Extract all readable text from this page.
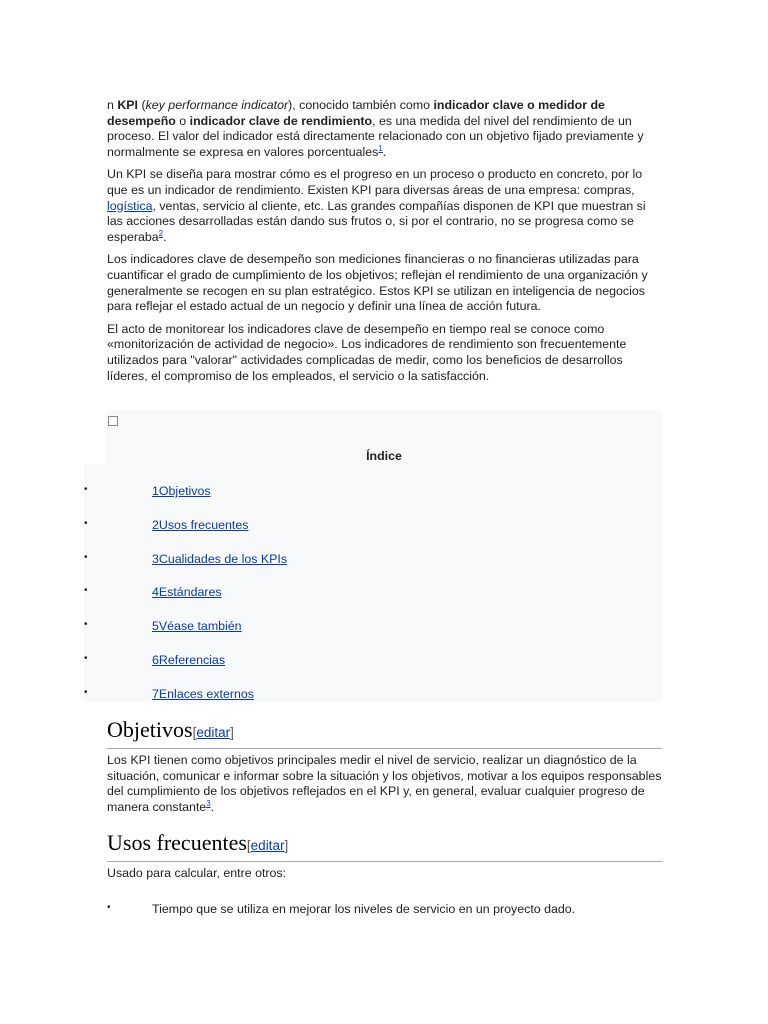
n KPI (key performance indicator), conocido también como indicador clave o medidor de desempeño o indicador clave de rendimiento, es una medida del nivel del rendimiento de un proceso. El valor del indicador está directamente relacionado con un objetivo fijado previamente y normalmente se expresa en valores porcentuales$^1$.

Un KPI se diseña para mostrar cómo es el progreso en un proceso o producto en concreto, por lo que es un indicador de rendimiento. Existen KPI para diversas áreas de una empresa: compras, logística, ventas, servicio al cliente, etc. Las grandes compañías disponen de KPI que muestran si las acciones desarrolladas están dando sus frutos o, si por el contrario, no se progresa como se esperaba$^2$.

Los indicadores clave de desempeño son mediciones financieras o no financieras utilizadas para cuantificar el grado de cumplimiento de los objetivos; reflejan el rendimiento de una organización y generalmente se recogen en su plan estratégico. Estos KPI se utilizan en inteligencia de negocios para reflejar el estado actual de un negocio y definir una línea de acción futura.

El acto de monitorear los indicadores clave de desempeño en tiempo real se conoce como «monitorización de actividad de negocio». Los indicadores de rendimiento son frecuentemente utilizados para "valorar" actividades complicadas de medir, como los beneficios de desarrollos líderes, el compromiso de los empleados, el servicio o la satisfacción.

Índice
•	1Objetivos
•	2Usos frecuentes
•	3Cualidades de los KPIs
•	4Estándares
•	5Véase también
•	6Referencias
•	7Enlaces externos
Objetivos[editar]

Los KPI tienen como objetivos principales medir el nivel de servicio, realizar un diagnóstico de la situación, comunicar e informar sobre la situación y los objetivos, motivar a los equipos responsables del cumplimiento de los objetivos reflejados en el KPI y, en general, evaluar cualquier progreso de manera constante$^3$.

Usos frecuentes[editar]

Usado para calcular, entre otros:

•	Tiempo que se utiliza en mejorar los niveles de servicio en un proyecto dado.
